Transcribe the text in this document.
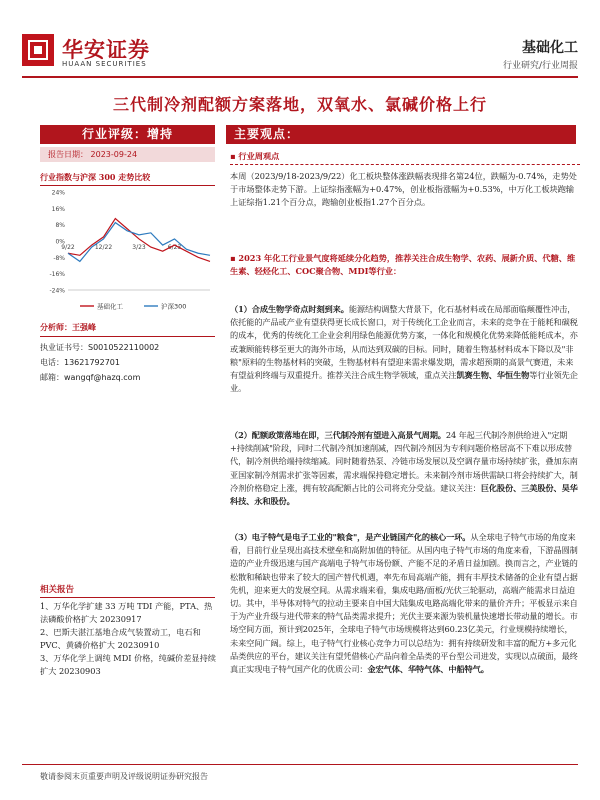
华安证券
HUAAN SECURITIES
基础化工
行业研究/行业周报
三代制冷剂配额方案落地，双氧水、氯碱价格上行
行业评级：增持
报告日期： 2023-09-24
主要观点：
行业指数与沪深 300 走势比较
24%
16%
8%
0%
-8%
-16%
-24%
9/22	12/22	3/23	6/23
基础化工	沪深300
分析师：王强峰
执业证书号：S0010522110002
电话：13621792701
邮箱：wangqf@hazq.com
相关报告

1、万华化学扩建 33 万吨 TDI 产能，PTA、热法磷酸价格扩大 20230917

2、巴斯夫湛江基地合成气装置动工，电石和 PVC、黄磷价格扩大 20230910

3、万华化学上调纯 MDI 价格，纯碱价差显持续扩大 20230903

▪ 行业周观点
本周（2023/9/18-2023/9/22）化工板块整体涨跌幅表现排名第24位，跌幅为-0.74%，走势处于市场整体走势下游。上证综指涨幅为+0.47%，创业板指涨幅为+0.53%，中万化工板块跑输上证综指1.21个百分点，跑输创业板指1.27个百分点。
▪ 2023 年化工行业景气度将延续分化趋势，推荐关注合成生物学、农药、展新介质、代糖、维生素、轻烃化工、COC聚合物、MDI等行业：
（1）合成生物学奇点时刻到来。能源结构调整大背景下，化石基材料或在局部面临颠覆性冲击，依托能的产品或产业有望获得更长成长窗口，对于传统化工企业而言，未来的竞争在于能耗和碳税的成本，优秀的传统化工企业会利用绿色能源优势方案，一体化和规模化优势来降低能耗成本，亦或兼顾能转移至更大的海外市场，从而达到双碳的目标。同时，随着生物基材料成本下降以及"非粮"原料的生物基材料的突破，生物基材料有望迎来需求爆发期，需求超预期的高景气赛道，未来有望益利终端与双重提升。推荐关注合成生物学领域，重点关注凯赛生物、华恒生物等行业领先企业。
（2）配额政策落地在即，三代制冷剂有望进入高景气周期。24 年起三代制冷剂供给进入"定期+持续削减"阶段，同时二代制冷剂加速削减，四代制冷剂因为专利问题价格居高不下难以形成替代，制冷剂供给端持续缩减。同时随着热泵、冷链市场发展以及空调存量市场持续扩张，叠加东南亚国家制冷剂需求扩张等因素，需求端保持稳定增长。未来制冷剂市场供需缺口将会持续扩大，制冷剂价格稳定上涨，拥有较高配额占比的公司将充分受益。建议关注：巨化股份、三美股份、昊华科技、永和股份。
（3）电子特气是电子工业的"粮食"，是产业链国产化的核心一环。从全球电子特气市场的角度来看，目前行业呈现出高技术壁垒和高附加值的特征。从国内电子特气市场的角度来看，下游晶圆制造的产业升级迅速与国产高端电子特气市场份额、产能不足的矛盾日益加剧。换而言之，产业链的松散和稀缺也带来了较大的国产替代机遇，率先布局高端产能，拥有丰厚技术储备的企业有望占据先机，迎来更大的发展空间。从需求端来看，集成电路/面板/光伏三轮驱动，高端产能需求日益迫切。其中，半导体对特气的拉动主要来自中国大陆集成电路高端化带来的量价齐升；平板显示来自于为产业升级与进代带来的特气品类需求提升；光伏主要来源为装机量快速增长带动量的增长。市场空间方面，预计到2025年，全球电子特气市场规模将达到60.23亿美元，行业规模持续增长，未来空间广阔。综上，电子特气行业核心竞争力可以总结为：拥有持续研发和丰富的配方+多元化品类供应的平台，建议关注有望凭借核心产品向着全品类的平台型公司进发，实现以点破面，最终真正实现电子特气国产化的优质公司：金宏气体、华特气体、中船特气。
敬请参阅末页重要声明及评级说明证券研究报告
